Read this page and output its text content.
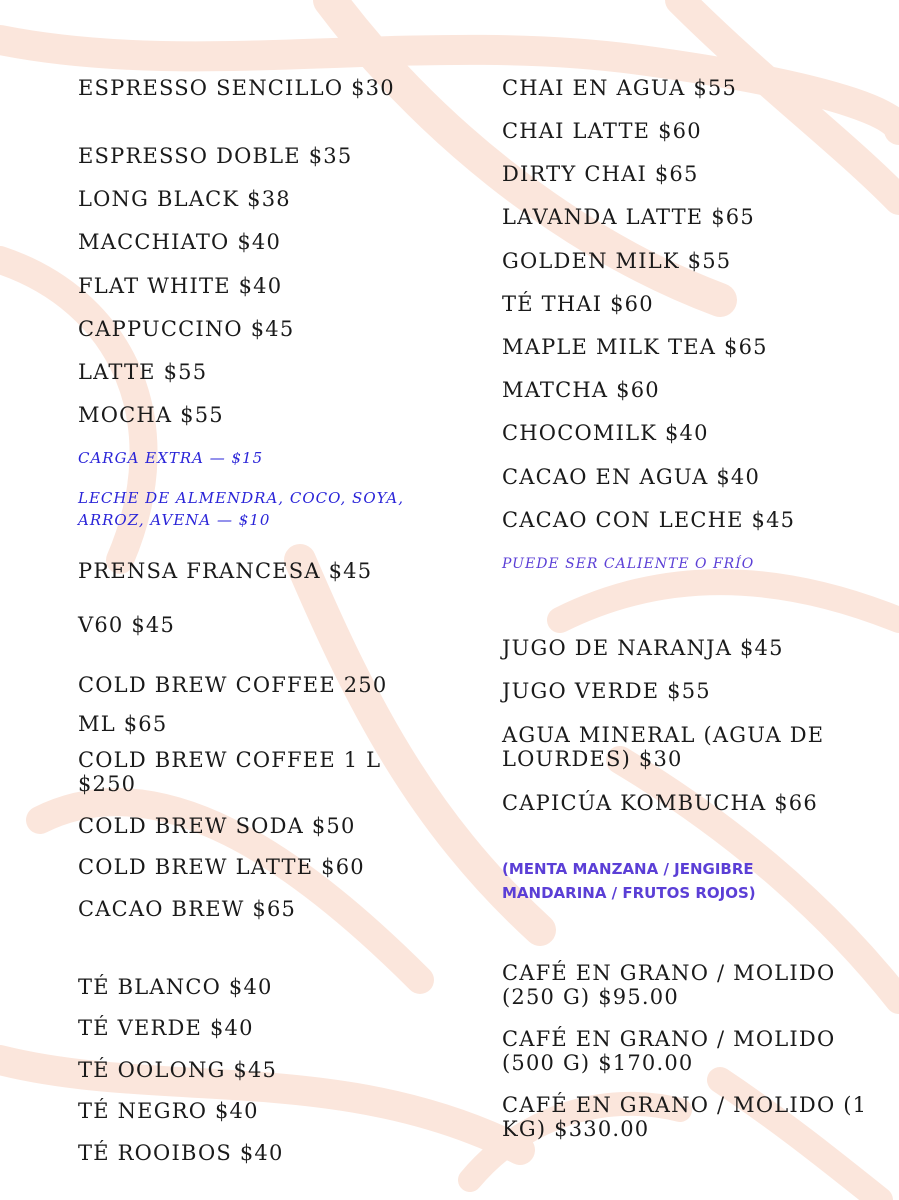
ESPRESSO SENCILLO $30

ESPRESSO DOBLE $35

LONG BLACK $38

MACCHIATO $40

FLAT WHITE $40

CAPPUCCINO $45

LATTE $55

MOCHA $55

CARGA EXTRA — $15

LECHE DE ALMENDRA, COCO, SOYA, ARROZ, AVENA — $10

PRENSA FRANCESA $45

V60 $45

COLD BREW COFFEE 250 ML $65

COLD BREW COFFEE 1 L $250

COLD BREW SODA $50

COLD BREW LATTE $60

CACAO BREW $65

TÉ BLANCO $40

TÉ VERDE $40

TÉ OOLONG $45

TÉ NEGRO $40

TÉ ROOIBOS $40

CHAI EN AGUA $55

CHAI LATTE $60

DIRTY CHAI $65

LAVANDA LATTE $65

GOLDEN MILK $55

TÉ THAI $60

MAPLE MILK TEA $65

MATCHA $60

CHOCOMILK $40

CACAO EN AGUA $40

CACAO CON LECHE $45

PUEDE SER CALIENTE O FRÍO

JUGO DE NARANJA $45

JUGO VERDE $55

AGUA MINERAL (AGUA DE LOURDES) $30

CAPICÚA KOMBUCHA $66

(MENTA MANZANA / JENGIBRE MANDARINA / FRUTOS ROJOS)

CAFÉ EN GRANO / MOLIDO (250 G) $95.00

CAFÉ EN GRANO / MOLIDO (500 G) $170.00

CAFÉ EN GRANO / MOLIDO (1 KG) $330.00
